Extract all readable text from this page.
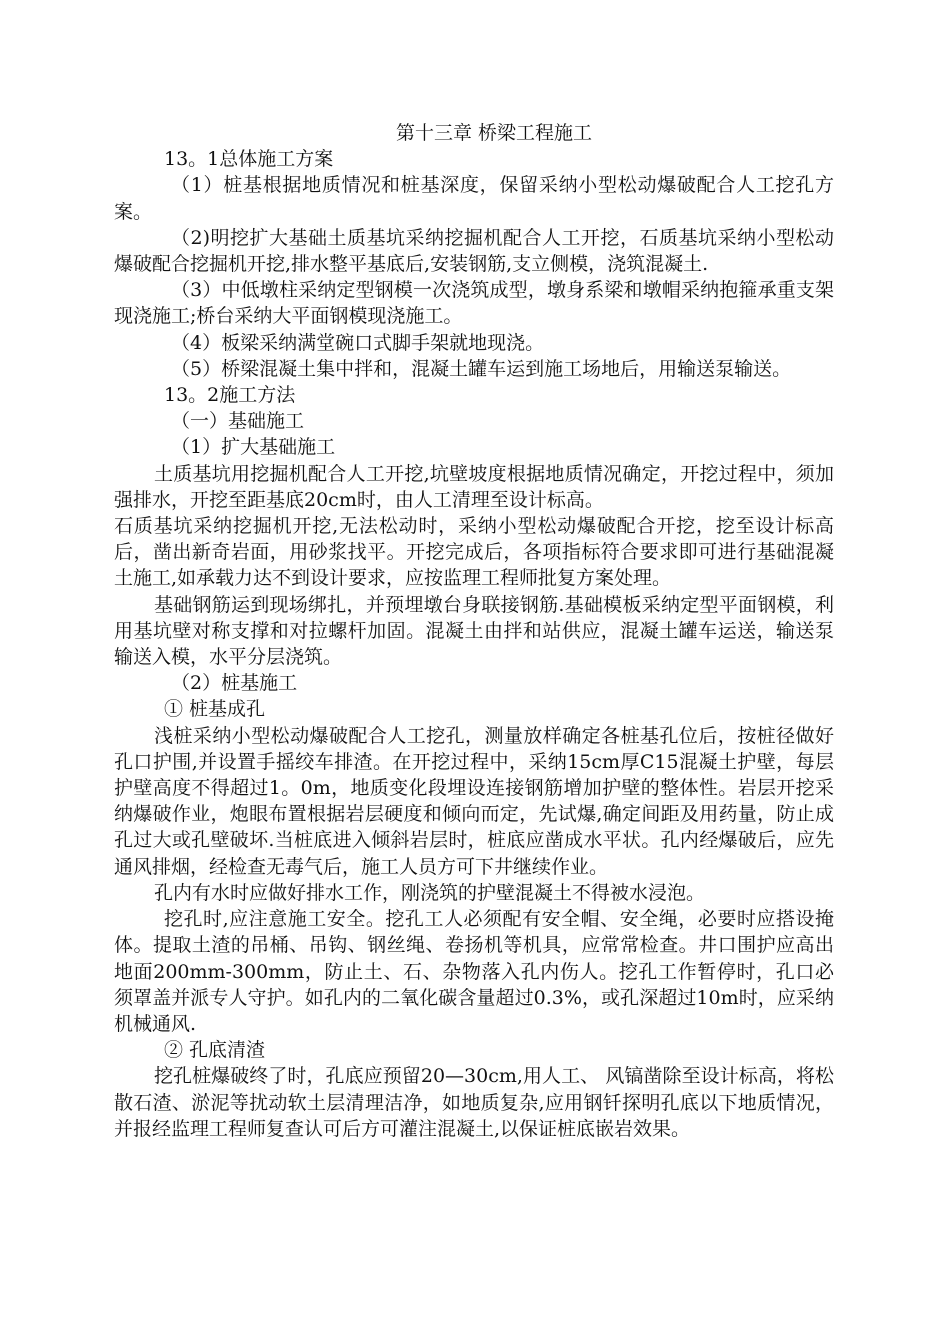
第十三章 桥梁工程施工

13。1总体施工方案

（1）桩基根据地质情况和桩基深度，保留采纳小型松动爆破配合人工挖孔方案。

（2)明挖扩大基础土质基坑采纳挖掘机配合人工开挖，石质基坑采纳小型松动爆破配合挖掘机开挖,排水整平基底后,安装钢筋,支立侧模，浇筑混凝土.

（3）中低墩柱采纳定型钢模一次浇筑成型，墩身系梁和墩帽采纳抱箍承重支架现浇施工;桥台采纳大平面钢模现浇施工。

（4）板梁采纳满堂碗口式脚手架就地现浇。

（5）桥梁混凝土集中拌和，混凝土罐车运到施工场地后，用输送泵输送。

13。2施工方法

（一）基础施工

（1）扩大基础施工

土质基坑用挖掘机配合人工开挖,坑壁坡度根据地质情况确定，开挖过程中，须加强排水，开挖至距基底20cm时，由人工清理至设计标高。

石质基坑采纳挖掘机开挖,无法松动时，采纳小型松动爆破配合开挖，挖至设计标高后，凿出新奇岩面，用砂浆找平。开挖完成后，各项指标符合要求即可进行基础混凝土施工,如承载力达不到设计要求，应按监理工程师批复方案处理。

基础钢筋运到现场绑扎，并预埋墩台身联接钢筋.基础模板采纳定型平面钢模，利用基坑壁对称支撑和对拉螺杆加固。混凝土由拌和站供应，混凝土罐车运送，输送泵输送入模，水平分层浇筑。

（2）桩基施工

① 桩基成孔

浅桩采纳小型松动爆破配合人工挖孔，测量放样确定各桩基孔位后，按桩径做好孔口护围,并设置手摇绞车排渣。在开挖过程中，采纳15cm厚C15混凝土护壁，每层护壁高度不得超过1。0m，地质变化段埋设连接钢筋增加护壁的整体性。岩层开挖采纳爆破作业，炮眼布置根据岩层硬度和倾向而定，先试爆,确定间距及用药量，防止成孔过大或孔壁破坏.当桩底进入倾斜岩层时，桩底应凿成水平状。孔内经爆破后，应先通风排烟，经检查无毒气后，施工人员方可下井继续作业。

孔内有水时应做好排水工作，刚浇筑的护壁混凝土不得被水浸泡。

挖孔时,应注意施工安全。挖孔工人必须配有安全帽、安全绳，必要时应搭设掩体。提取土渣的吊桶、吊钩、钢丝绳、卷扬机等机具，应常常检查。井口围护应高出地面200mm-300mm，防止土、石、杂物落入孔内伤人。挖孔工作暂停时，孔口必须罩盖并派专人守护。如孔内的二氧化碳含量超过0.3%，或孔深超过10m时，应采纳机械通风.

② 孔底清渣

挖孔桩爆破终了时，孔底应预留20—30cm,用人工、 风镐凿除至设计标高，将松散石渣、淤泥等扰动软土层清理洁净，如地质复杂,应用钢钎探明孔底以下地质情况，并报经监理工程师复查认可后方可灌注混凝土,以保证桩底嵌岩效果。
